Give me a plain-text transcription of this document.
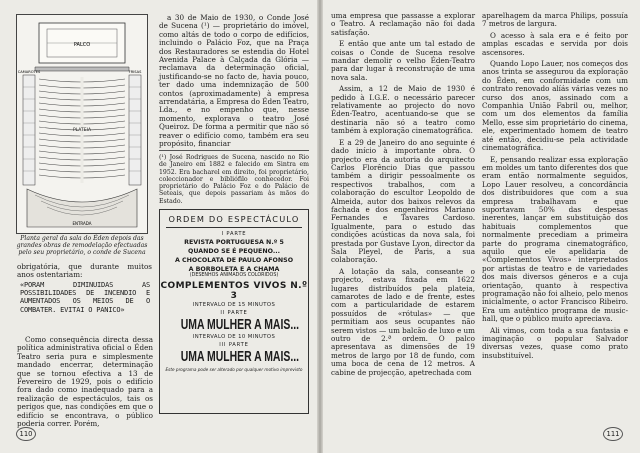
PALCO
PLATEIA
CAMAROTES	FRISAS
ENTRADA
Planta geral da sala do Éden depois das grandes obras de remodelação efectuadas pelo seu proprietário, o conde de Sucena

obrigatória, que durante muitos anos ostentariam:

«PORAM DIMINUIDAS AS POSSIBILIDADES DE INCENDIO E AUMENTADOS OS MEIOS DE O COMBATER. EVITAI O PANICO»

Como consequência directa dessa política administrativa oficial o Éden Teatro seria pura e simplesmente mandado encerrar, determinação que se tornou efectiva a 13 de Fevereiro de 1929, pois o edifício fora dado como inadequado para a realização de espectáculos, tais os perigos que, nas condições em que o edifício se encontrava, o público poderia correr. Porém,

a 30 de Maio de 1930, o Conde José de Sucena (¹) — proprietário do imóvel, como altás de todo o corpo de edifícios, incluindo o Palácio Foz, que na Praça dos Restauradores se estendia do Hotel Avenida Palace à Calçada da Glória — reclamava da determinação oficial, justificando-se no facto de, havia pouco, ter dado uma indemnização de 500 contos (aproximadamente) à empresa arrendatária, a Empresa do Éden Teatro, Lda., e no empenho que, nesse momento, explorava o teatro José Queiroz. De forma a permitir que não só reaver o edifício como, também era seu propósito, financiar

(¹) José Rodrigues de Sucena, nascido no Rio de Janeiro em 1882 e falecido em Sintra em 1952. Era bacharel em direito, foi proprietário, coleccionador e bibliófilo conhecedor. Foi proprietário do Palácio Foz e do Palácio de Seteais, que depois passariam às mãos do Estado.
ORDEM DO ESPECTÁCULO
I PARTE
REVISTA PORTUGUESA N.º 5
QUANDO SE É PEQUENO...
A CHOCOLATA DE PAULO AFONSO
A BORBOLETA E A CHAMA
(DESENHOS ANIMADOS COLORIDOS)
COMPLEMENTOS VIVOS N.º 3
INTERVALO DE 15 MINUTOS
II PARTE
UMA MULHER A MAIS...
INTERVALO DE 10 MINUTOS
III PARTE
UMA MULHER A MAIS...
Este programa pode ser alterado por qualquer motivo imprevisto
110

uma empresa que passasse a explorar o Teatro. A reclamação não foi dada satisfação.

E então que ante um tal estado de coisas o Conde de Sucena resolve mandar demolir o velho Éden-Teatro para dar lugar à reconstrução de uma nova sala.

Assim, a 12 de Maio de 1930 é pedido à I.G.E. o necessário parecer relativamente ao projecto do novo Éden-Teatro, acentuando-se que se destinaria não só a teatro como também à exploração cinematográfica.

E a 29 de Janeiro do ano seguinte é dado início à importante obra. O projecto era da autoria do arquitecto Carlos Florêncio Dias que passou também a dirigir pessoalmente os respectivos trabalhos, com a colaboração do escultor Leopoldo de Almeida, autor dos baixos relevos da fachada e dos engenheiros Mariano Fernandes e Tavares Cardoso. Igualmente, para o estudo das condições acústicas da nova sala, foi prestada por Gustave Lyon, director da Sala Pleyel, de Paris, a sua colaboração.

A lotação da sala, conseante o projecto, estava fixada em 1622 lugares distribuídos pela plateia, camarotes de lado e de frente, estes com a particularidade de estarem possuídos de «rótulas» — que permitiam aos seus ocupantes não serem vistos — um balcão de luxo e um outro de 2.ª ordem. O palco apresentava as dimensões de 19 metros de largo por 18 de fundo, com uma boca de cena de 12 metros. A cabine de projecção, apetrechada com

aparelhagem da marca Philips, possuía 7 metros de largura.

O acesso à sala era e é feito por amplas escadas e servida por dois ascensores.

Quando Lopo Lauer, nos começos dos anos trinta se assegurou da exploração do Éden, em conformidade com um contrato renovado alíás várias vezes no curso dos anos, assinado com a Companhia União Fabril ou, melhor, com um dos elementos da família Mello, esse sim proprietário do cinema, ele, experimentado homem de teatro até então, decidiu-se pela actividade cinematográfica.

E, pensando realizar essa exploração em moldes um tanto diferentes dos que eram então normalmente seguidos, Lopo Lauer resolveu, a concordância dos distribuidores que com a sua empresa trabalhavam e que suportavam 50% das despesas inerentes, lançar em substituição dos habituais complementos que normalmente precediam a primeira parte do programa cinematográfico, aquilo que ele apelidaria de «Complementos Vivos» interpretados por artistas de teatro e de variedades dos mais diversos géneros e a cuja orientação, quanto à respectiva programação não foi alheio, pelo menos inicialmente, o actor Francisco Ribeiro. Era um autêntico programa de music-hall, que o público muito apreciava.

Ali vimos, com toda a sua fantasia e imaginação o popular Salvador diversas vezes, quase como prato insubstituível.

111
